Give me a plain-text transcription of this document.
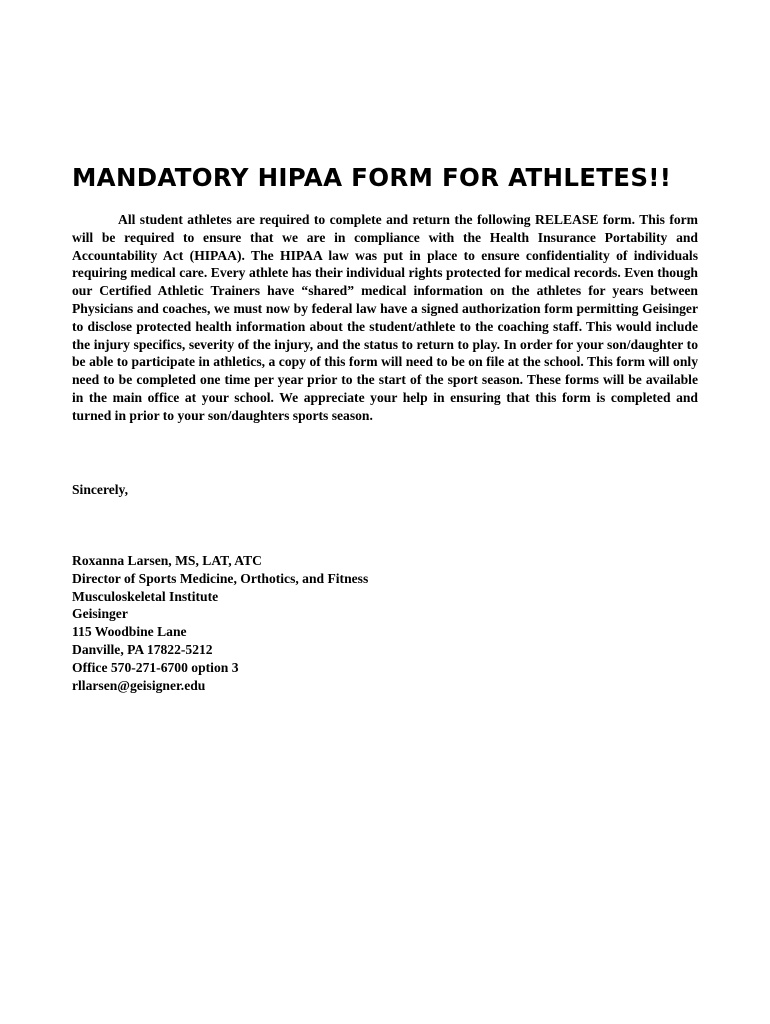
MANDATORY HIPAA FORM FOR ATHLETES!!

All student athletes are required to complete and return the following RELEASE form. This form will be required to ensure that we are in compliance with the Health Insurance Portability and Accountability Act (HIPAA). The HIPAA law was put in place to ensure confidentiality of individuals requiring medical care. Every athlete has their individual rights protected for medical records. Even though our Certified Athletic Trainers have “shared” medical information on the athletes for years between Physicians and coaches, we must now by federal law have a signed authorization form permitting Geisinger to disclose protected health information about the student/athlete to the coaching staff. This would include the injury specifics, severity of the injury, and the status to return to play. In order for your son/daughter to be able to participate in athletics, a copy of this form will need to be on file at the school. This form will only need to be completed one time per year prior to the start of the sport season. These forms will be available in the main office at your school. We appreciate your help in ensuring that this form is completed and turned in prior to your son/daughters sports season.

Sincerely,

Roxanna Larsen, MS, LAT, ATC
Director of Sports Medicine, Orthotics, and Fitness
Musculoskeletal Institute
Geisinger
115 Woodbine Lane
Danville, PA 17822-5212
Office 570-271-6700 option 3
rllarsen@geisigner.edu
